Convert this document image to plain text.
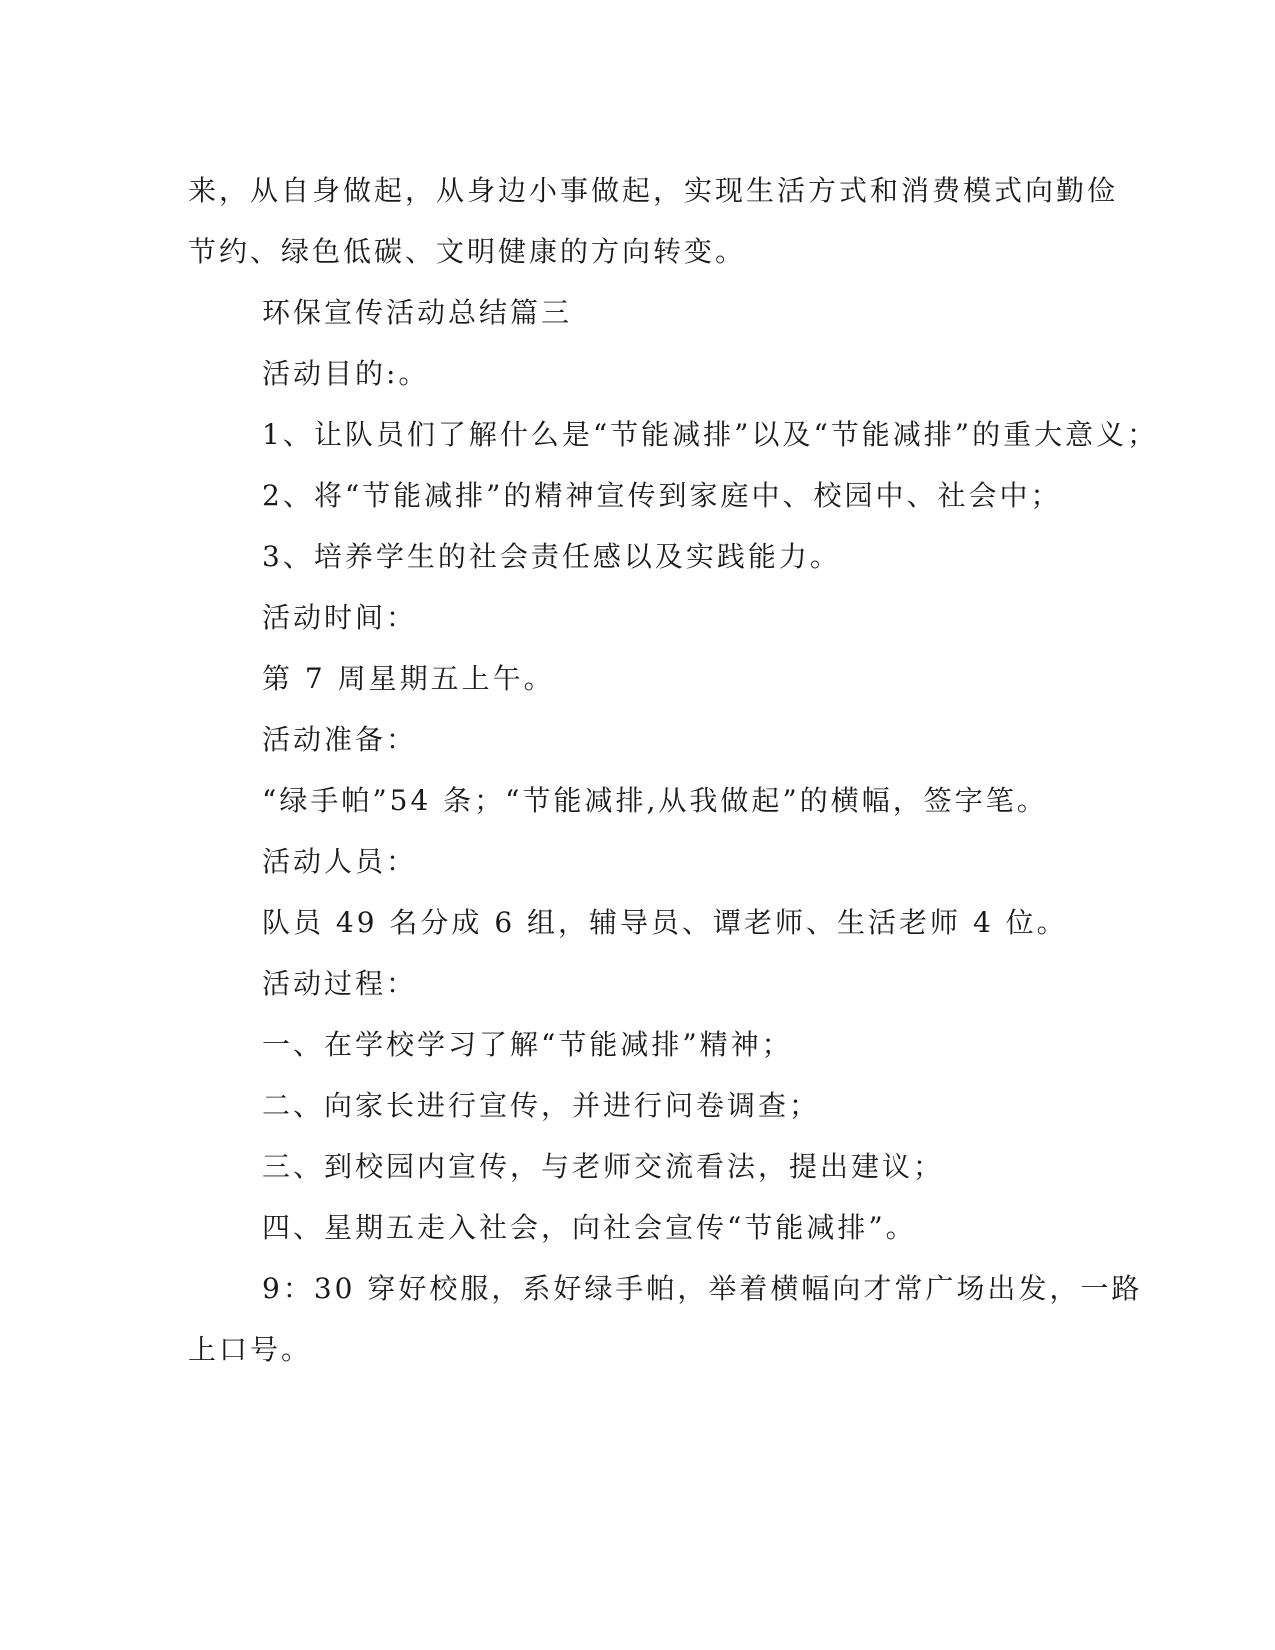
来，从自身做起，从身边小事做起，实现生活方式和消费模式向勤俭

节约、绿色低碳、文明健康的方向转变。

环保宣传活动总结篇三

活动目的:。

1、让队员们了解什么是“节能减排”以及“节能减排”的重大意义；

2、将“节能减排”的精神宣传到家庭中、校园中、社会中；

3、培养学生的社会责任感以及实践能力。

活动时间：

第 7 周星期五上午。

活动准备：

“绿手帕”54 条；“节能减排,从我做起”的横幅，签字笔。

活动人员：

队员 49 名分成 6 组，辅导员、谭老师、生活老师 4 位。

活动过程：

一、在学校学习了解“节能减排”精神；

二、向家长进行宣传，并进行问卷调查；

三、到校园内宣传，与老师交流看法，提出建议；

四、星期五走入社会，向社会宣传“节能减排”。

9：30 穿好校服，系好绿手帕，举着横幅向才常广场出发，一路

上口号。
